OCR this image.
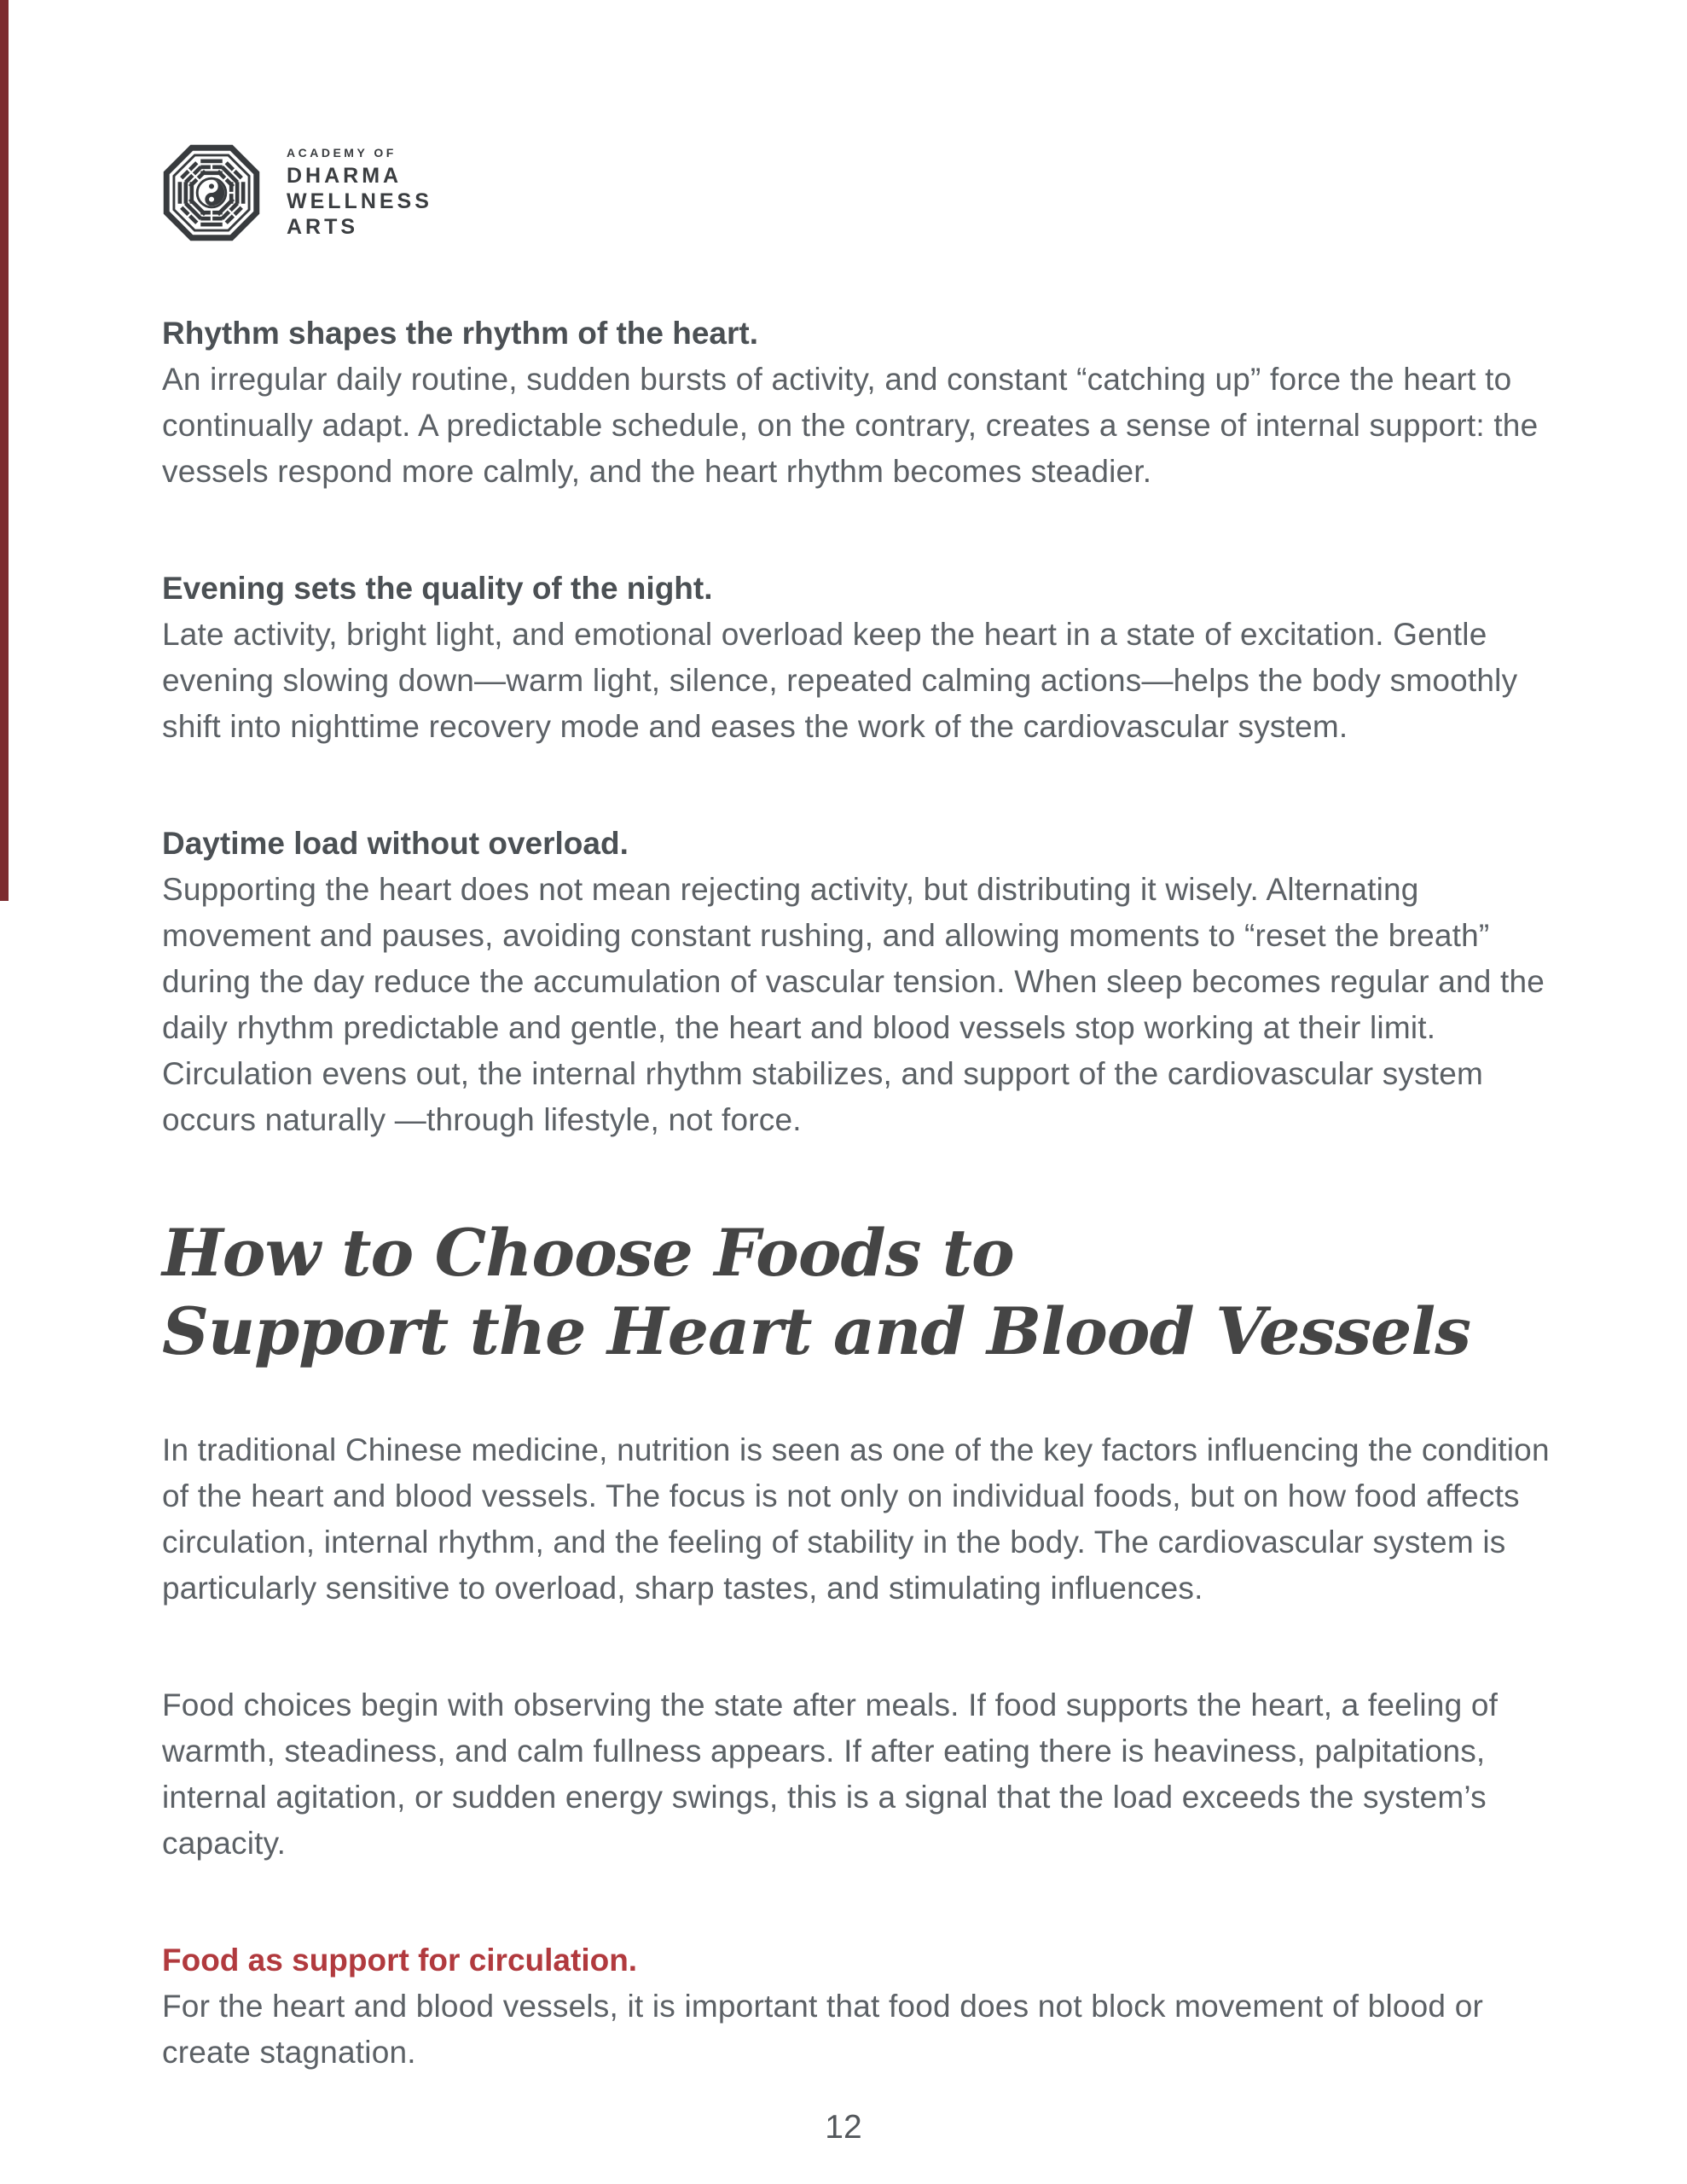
ACADEMY OF
DHARMA
WELLNESS
ARTS
Rhythm shapes the rhythm of the heart.
An irregular daily routine, sudden bursts of activity, and constant “catching up” force the heart to continually adapt. A predictable schedule, on the contrary, creates a sense of internal support: the vessels respond more calmly, and the heart rhythm becomes steadier.
Evening sets the quality of the night.
Late activity, bright light, and emotional overload keep the heart in a state of excitation. Gentle evening slowing down—warm light, silence, repeated calming actions—helps the body smoothly shift into nighttime recovery mode and eases the work of the cardiovascular system.
Daytime load without overload.
Supporting the heart does not mean rejecting activity, but distributing it wisely. Alternating movement and pauses, avoiding constant rushing, and allowing moments to “reset the breath” during the day reduce the accumulation of vascular tension. When sleep becomes regular and the daily rhythm predictable and gentle, the heart and blood vessels stop working at their limit. Circulation evens out, the internal rhythm stabilizes, and support of the cardiovascular system occurs naturally —through lifestyle, not force.
How to Choose Foods to
Support the Heart and Blood Vessels
In traditional Chinese medicine, nutrition is seen as one of the key factors influencing the condition of the heart and blood vessels. The focus is not only on individual foods, but on how food affects circulation, internal rhythm, and the feeling of stability in the body. The cardiovascular system is particularly sensitive to overload, sharp tastes, and stimulating influences.
Food choices begin with observing the state after meals. If food supports the heart, a feeling of warmth, steadiness, and calm fullness appears. If after eating there is heaviness, palpitations, internal agitation, or sudden energy swings, this is a signal that the load exceeds the system’s capacity.
Food as support for circulation.
For the heart and blood vessels, it is important that food does not block movement of blood or create stagnation.
12
